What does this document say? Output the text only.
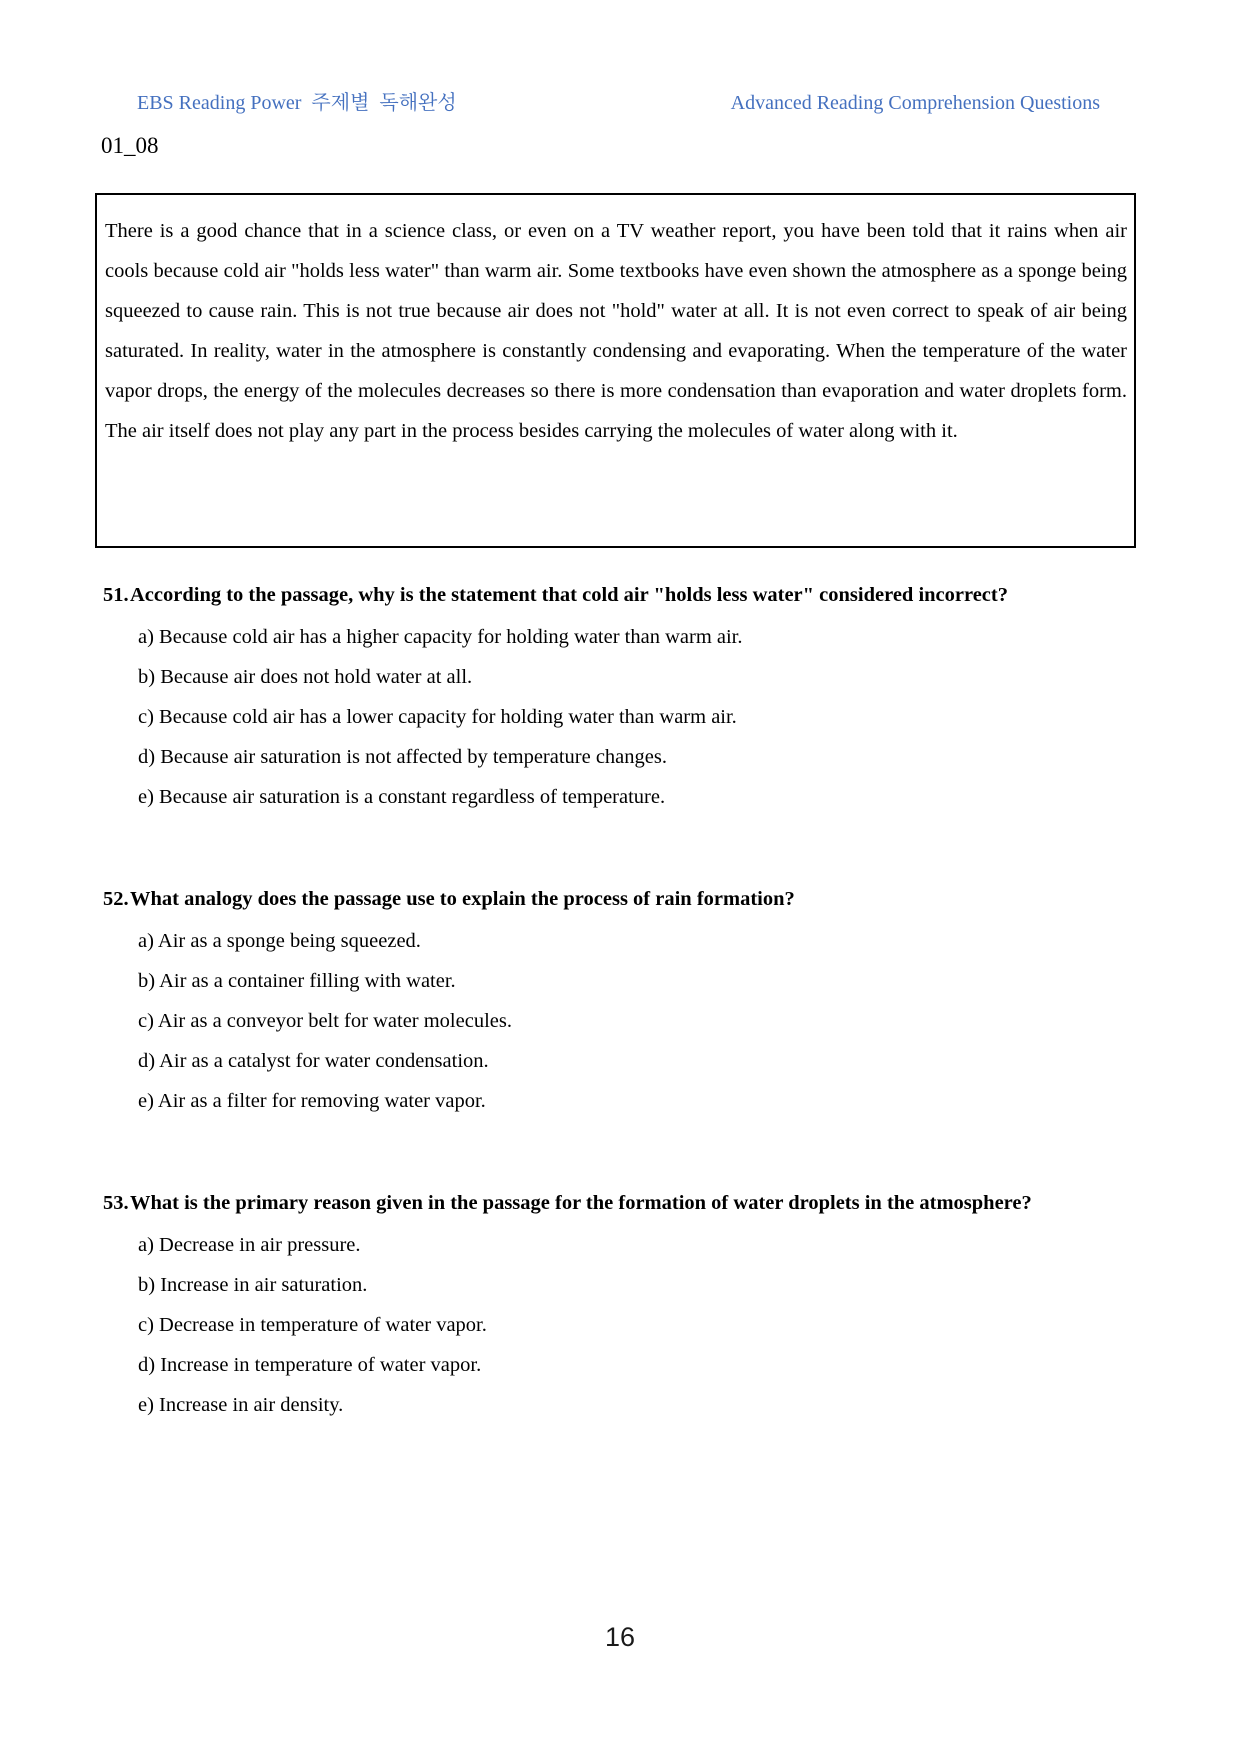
EBS Reading Power  주제별  독해완성	Advanced Reading Comprehension Questions
01_08

There is a good chance that in a science class, or even on a TV weather report, you have been told that it rains when air cools because cold air "holds less water" than warm air. Some textbooks have even shown the atmosphere as a sponge being squeezed to cause rain. This is not true because air does not "hold" water at all. It is not even correct to speak of air being saturated. In reality, water in the atmosphere is constantly condensing and evaporating. When the temperature of the water vapor drops, the energy of the molecules decreases so there is more condensation than evaporation and water droplets form. The air itself does not play any part in the process besides carrying the molecules of water along with it.

51. According to the passage, why is the statement that cold air "holds less water" considered incorrect?
a) Because cold air has a higher capacity for holding water than warm air.
b) Because air does not hold water at all.
c) Because cold air has a lower capacity for holding water than warm air.
d) Because air saturation is not affected by temperature changes.
e) Because air saturation is a constant regardless of temperature.
52. What analogy does the passage use to explain the process of rain formation?
a) Air as a sponge being squeezed.
b) Air as a container filling with water.
c) Air as a conveyor belt for water molecules.
d) Air as a catalyst for water condensation.
e) Air as a filter for removing water vapor.
53. What is the primary reason given in the passage for the formation of water droplets in the atmosphere?
a) Decrease in air pressure.
b) Increase in air saturation.
c) Decrease in temperature of water vapor.
d) Increase in temperature of water vapor.
e) Increase in air density.
16
